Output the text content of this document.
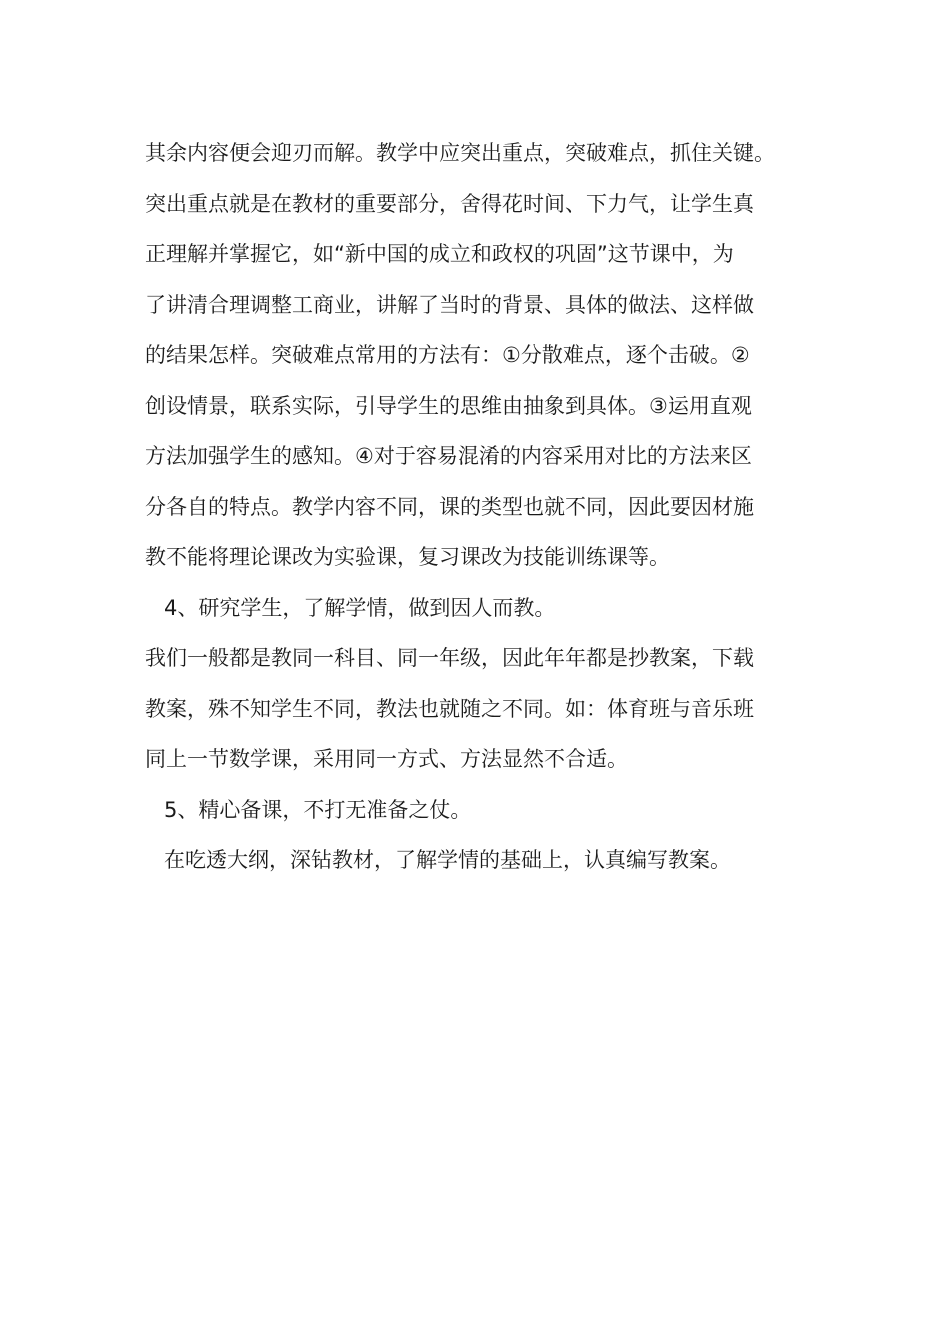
其余内容便会迎刃而解。教学中应突出重点，突破难点，抓住关键。
突出重点就是在教材的重要部分，舍得花时间、下力气，让学生真
正理解并掌握它，如“新中国的成立和政权的巩固”这节课中，为
了讲清合理调整工商业，讲解了当时的背景、具体的做法、这样做
的结果怎样。突破难点常用的方法有：①分散难点，逐个击破。②
创设情景，联系实际，引导学生的思维由抽象到具体。③运用直观
方法加强学生的感知。④对于容易混淆的内容采用对比的方法来区
分各自的特点。教学内容不同，课的类型也就不同，因此要因材施
教不能将理论课改为实验课，复习课改为技能训练课等。
4、研究学生，了解学情，做到因人而教。
我们一般都是教同一科目、同一年级，因此年年都是抄教案，下载
教案，殊不知学生不同，教法也就随之不同。如：体育班与音乐班
同上一节数学课，采用同一方式、方法显然不合适。
5、精心备课，不打无准备之仗。
在吃透大纲，深钻教材，了解学情的基础上，认真编写教案。
